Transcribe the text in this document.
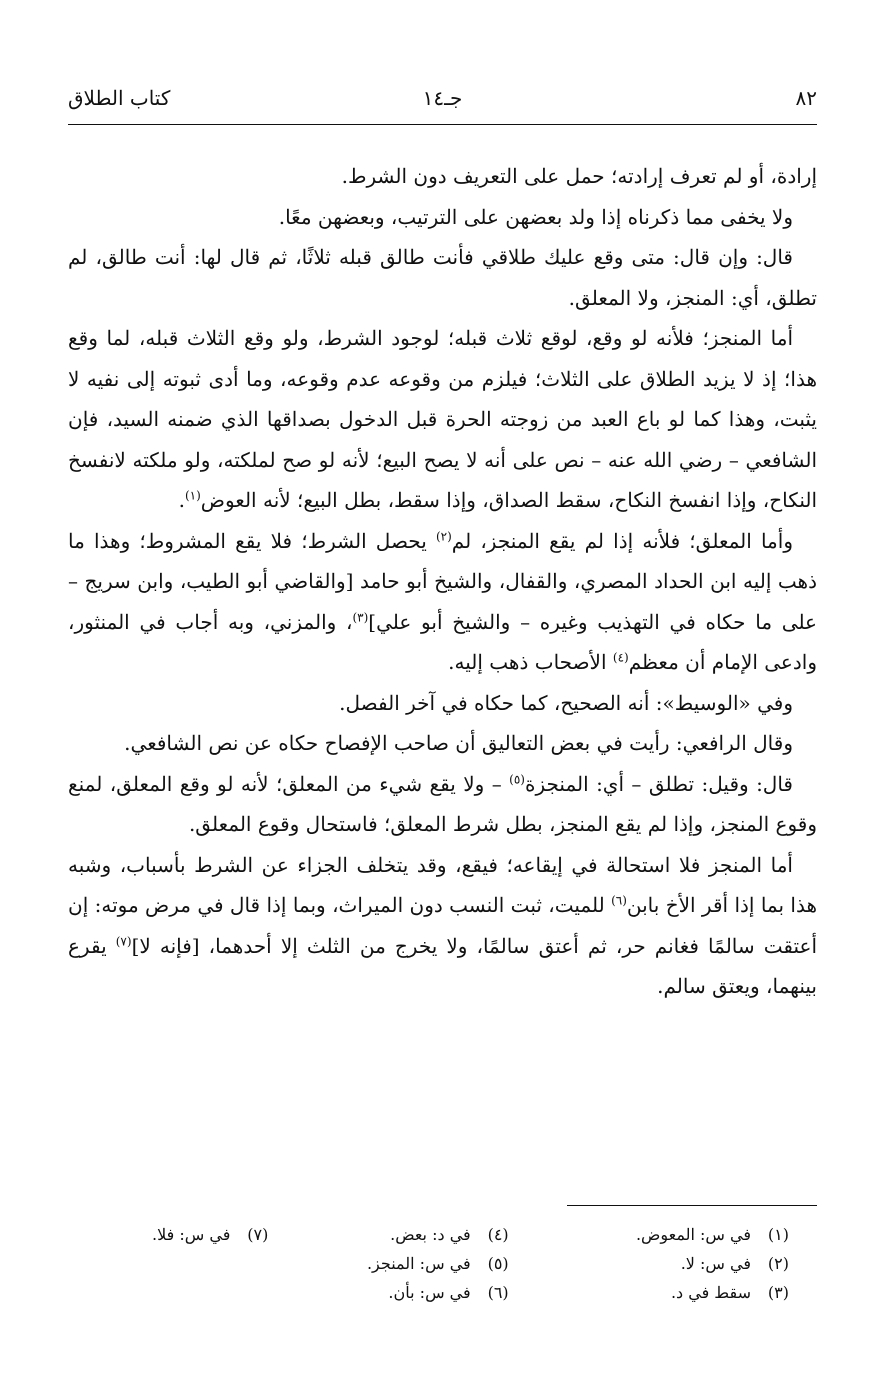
٨٢
جـ١٤
كتاب الطلاق

إرادة، أو لم تعرف إرادته؛ حمل على التعريف دون الشرط.

ولا يخفى مما ذكرناه إذا ولد بعضهن على الترتيب، وبعضهن معًا.

قال: وإن قال: متى وقع عليك طلاقي فأنت طالق قبله ثلاثًا، ثم قال لها: أنت طالق، لم تطلق، أي: المنجز، ولا المعلق.

أما المنجز؛ فلأنه لو وقع، لوقع ثلاث قبله؛ لوجود الشرط، ولو وقع الثلاث قبله، لما وقع هذا؛ إذ لا يزيد الطلاق على الثلاث؛ فيلزم من وقوعه عدم وقوعه، وما أدى ثبوته إلى نفيه لا يثبت، وهذا كما لو باع العبد من زوجته الحرة قبل الدخول بصداقها الذي ضمنه السيد، فإن الشافعي – رضي الله عنه – نص على أنه لا يصح البيع؛ لأنه لو صح لملكته، ولو ملكته لانفسخ النكاح، وإذا انفسخ النكاح، سقط الصداق، وإذا سقط، بطل البيع؛ لأنه العوض$^{(١)}$.

وأما المعلق؛ فلأنه إذا لم يقع المنجز، لم$^{(٢)}$ يحصل الشرط؛ فلا يقع المشروط؛ وهذا ما ذهب إليه ابن الحداد المصري، والقفال، والشيخ أبو حامد [والقاضي أبو الطيب، وابن سريج – على ما حكاه في التهذيب وغيره – والشيخ أبو علي]$^{(٣)}$، والمزني، وبه أجاب في المنثور، وادعى الإمام أن معظم$^{(٤)}$ الأصحاب ذهب إليه.

وفي «الوسيط»: أنه الصحيح، كما حكاه في آخر الفصل.

وقال الرافعي: رأيت في بعض التعاليق أن صاحب الإفصاح حكاه عن نص الشافعي.

قال: وقيل: تطلق – أي: المنجزة$^{(٥)}$ – ولا يقع شيء من المعلق؛ لأنه لو وقع المعلق، لمنع وقوع المنجز، وإذا لم يقع المنجز، بطل شرط المعلق؛ فاستحال وقوع المعلق.

أما المنجز فلا استحالة في إيقاعه؛ فيقع، وقد يتخلف الجزاء عن الشرط بأسباب، وشبه هذا بما إذا أقر الأخ بابن$^{(٦)}$ للميت، ثبت النسب دون الميراث، وبما إذا قال في مرض موته: إن أعتقت سالمًا فغانم حر، ثم أعتق سالمًا، ولا يخرج من الثلث إلا أحدهما، [فإنه لا]$^{(٧)}$ يقرع بينهما، ويعتق سالم.

(١)في س: المعوض.
(٢)في س: لا.
(٣)سقط في د.
(٤)في د: بعض.
(٥)في س: المنجز.
(٦)في س: بأن.
(٧)في س: فلا.
